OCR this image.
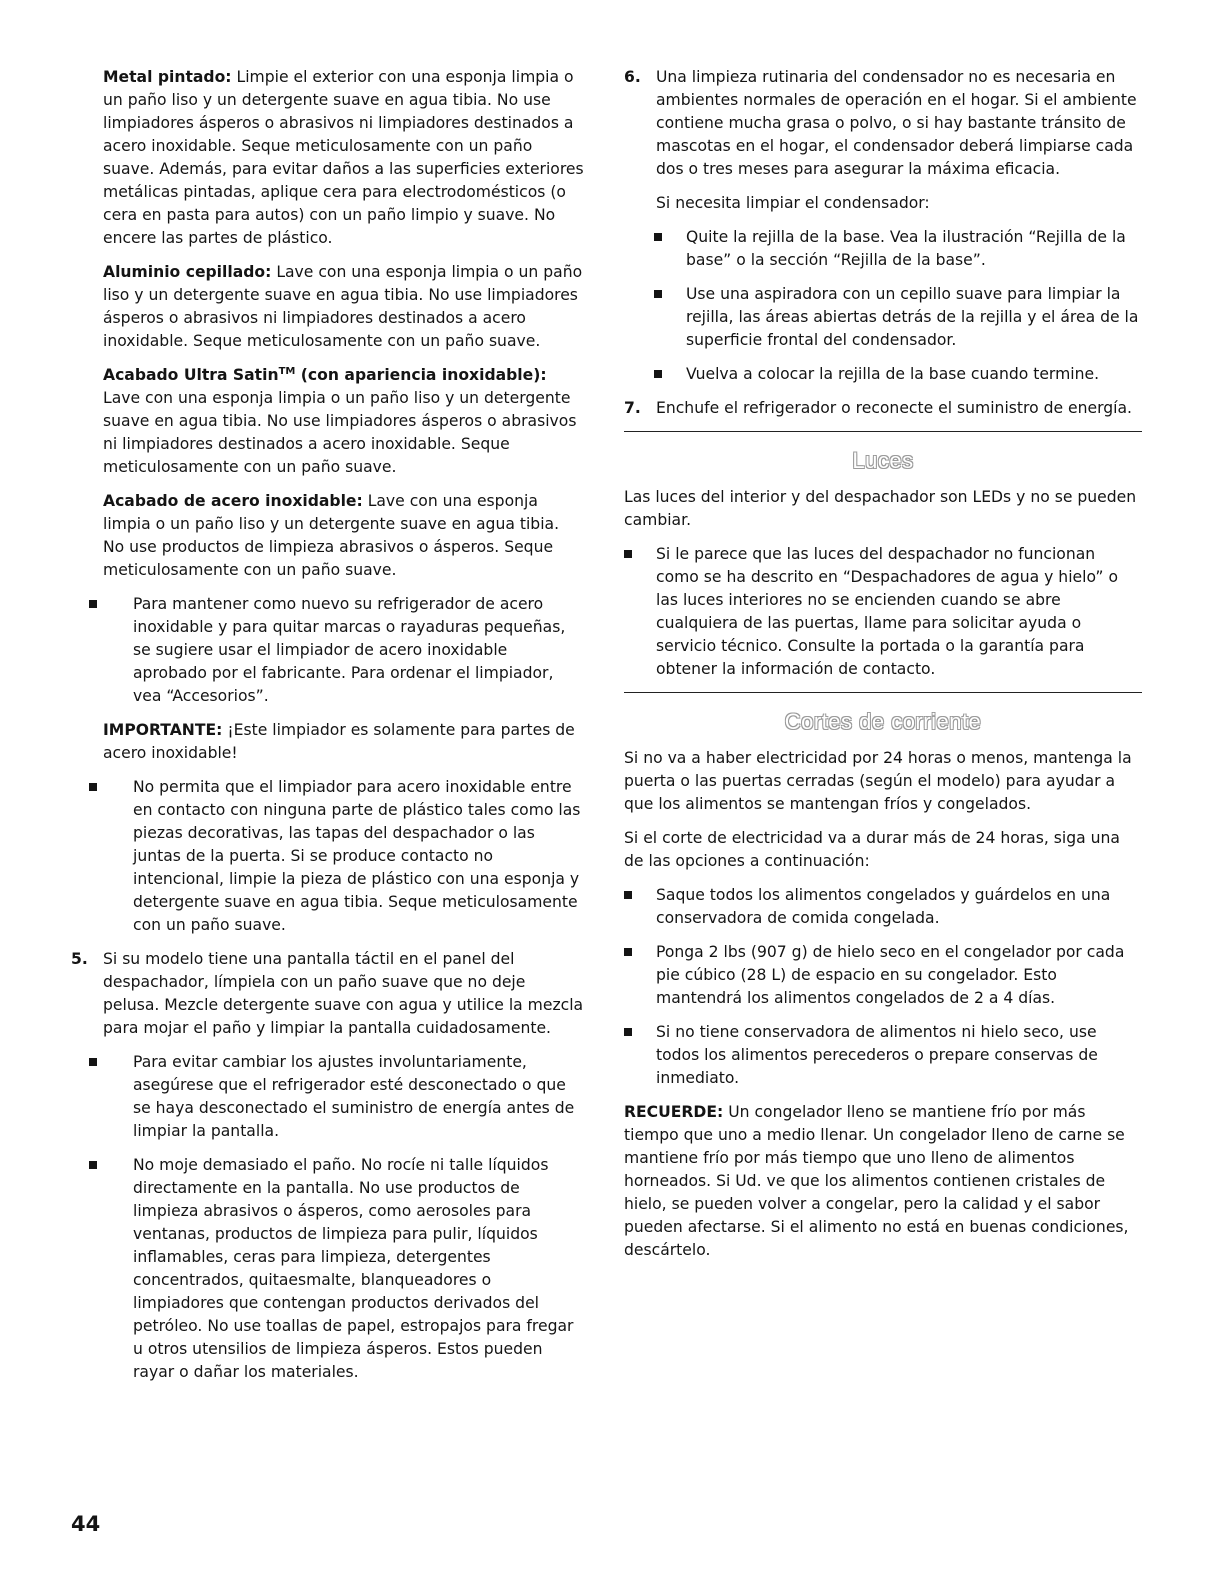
Metal pintado: Limpie el exterior con una esponja limpia o un paño liso y un detergente suave en agua tibia. No use limpiadores ásperos o abrasivos ni limpiadores destinados a acero inoxidable. Seque meticulosamente con un paño suave. Además, para evitar daños a las superficies exteriores metálicas pintadas, aplique cera para electrodomésticos (o cera en pasta para autos) con un paño limpio y suave. No encere las partes de plástico.

Aluminio cepillado: Lave con una esponja limpia o un paño liso y un detergente suave en agua tibia. No use limpiadores ásperos o abrasivos ni limpiadores destinados a acero inoxidable. Seque meticulosamente con un paño suave.

Acabado Ultra Satin™ (con apariencia inoxidable): Lave con una esponja limpia o un paño liso y un detergente suave en agua tibia. No use limpiadores ásperos o abrasivos ni limpiadores destinados a acero inoxidable. Seque meticulosamente con un paño suave.

Acabado de acero inoxidable: Lave con una esponja limpia o un paño liso y un detergente suave en agua tibia. No use productos de limpieza abrasivos o ásperos. Seque meticulosamente con un paño suave.

Para mantener como nuevo su refrigerador de acero inoxidable y para quitar marcas o rayaduras pequeñas, se sugiere usar el limpiador de acero inoxidable aprobado por el fabricante. Para ordenar el limpiador, vea “Accesorios”.

IMPORTANTE: ¡Este limpiador es solamente para partes de acero inoxidable!

No permita que el limpiador para acero inoxidable entre en contacto con ninguna parte de plástico tales como las piezas decorativas, las tapas del despachador o las juntas de la puerta. Si se produce contacto no intencional, limpie la pieza de plástico con una esponja y detergente suave en agua tibia. Seque meticulosamente con un paño suave.
5. Si su modelo tiene una pantalla táctil en el panel del despachador, límpiela con un paño suave que no deje pelusa. Mezcle detergente suave con agua y utilice la mezcla para mojar el paño y limpiar la pantalla cuidadosamente.
Para evitar cambiar los ajustes involuntariamente, asegúrese que el refrigerador esté desconectado o que se haya desconectado el suministro de energía antes de limpiar la pantalla.
No moje demasiado el paño. No rocíe ni talle líquidos directamente en la pantalla. No use productos de limpieza abrasivos o ásperos, como aerosoles para ventanas, productos de limpieza para pulir, líquidos inflamables, ceras para limpieza, detergentes concentrados, quitaesmalte, blanqueadores o limpiadores que contengan productos derivados del petróleo. No use toallas de papel, estropajos para fregar u otros utensilios de limpieza ásperos. Estos pueden rayar o dañar los materiales.
6. Una limpieza rutinaria del condensador no es necesaria en ambientes normales de operación en el hogar. Si el ambiente contiene mucha grasa o polvo, o si hay bastante tránsito de mascotas en el hogar, el condensador deberá limpiarse cada dos o tres meses para asegurar la máxima eficacia.

Si necesita limpiar el condensador:

Quite la rejilla de la base. Vea la ilustración “Rejilla de la base” o la sección “Rejilla de la base”.
Use una aspiradora con un cepillo suave para limpiar la rejilla, las áreas abiertas detrás de la rejilla y el área de la superficie frontal del condensador.
Vuelva a colocar la rejilla de la base cuando termine.
7. Enchufe el refrigerador o reconecte el suministro de energía.
Luces

Las luces del interior y del despachador son LEDs y no se pueden cambiar.

Si le parece que las luces del despachador no funcionan como se ha descrito en “Despachadores de agua y hielo” o las luces interiores no se encienden cuando se abre cualquiera de las puertas, llame para solicitar ayuda o servicio técnico. Consulte la portada o la garantía para obtener la información de contacto.
Cortes de corriente

Si no va a haber electricidad por 24 horas o menos, mantenga la puerta o las puertas cerradas (según el modelo) para ayudar a que los alimentos se mantengan fríos y congelados.

Si el corte de electricidad va a durar más de 24 horas, siga una de las opciones a continuación:

Saque todos los alimentos congelados y guárdelos en una conservadora de comida congelada.
Ponga 2 lbs (907 g) de hielo seco en el congelador por cada pie cúbico (28 L) de espacio en su congelador. Esto mantendrá los alimentos congelados de 2 a 4 días.
Si no tiene conservadora de alimentos ni hielo seco, use todos los alimentos perecederos o prepare conservas de inmediato.

RECUERDE: Un congelador lleno se mantiene frío por más tiempo que uno a medio llenar. Un congelador lleno de carne se mantiene frío por más tiempo que uno lleno de alimentos horneados. Si Ud. ve que los alimentos contienen cristales de hielo, se pueden volver a congelar, pero la calidad y el sabor pueden afectarse. Si el alimento no está en buenas condiciones, descártelo.

44
